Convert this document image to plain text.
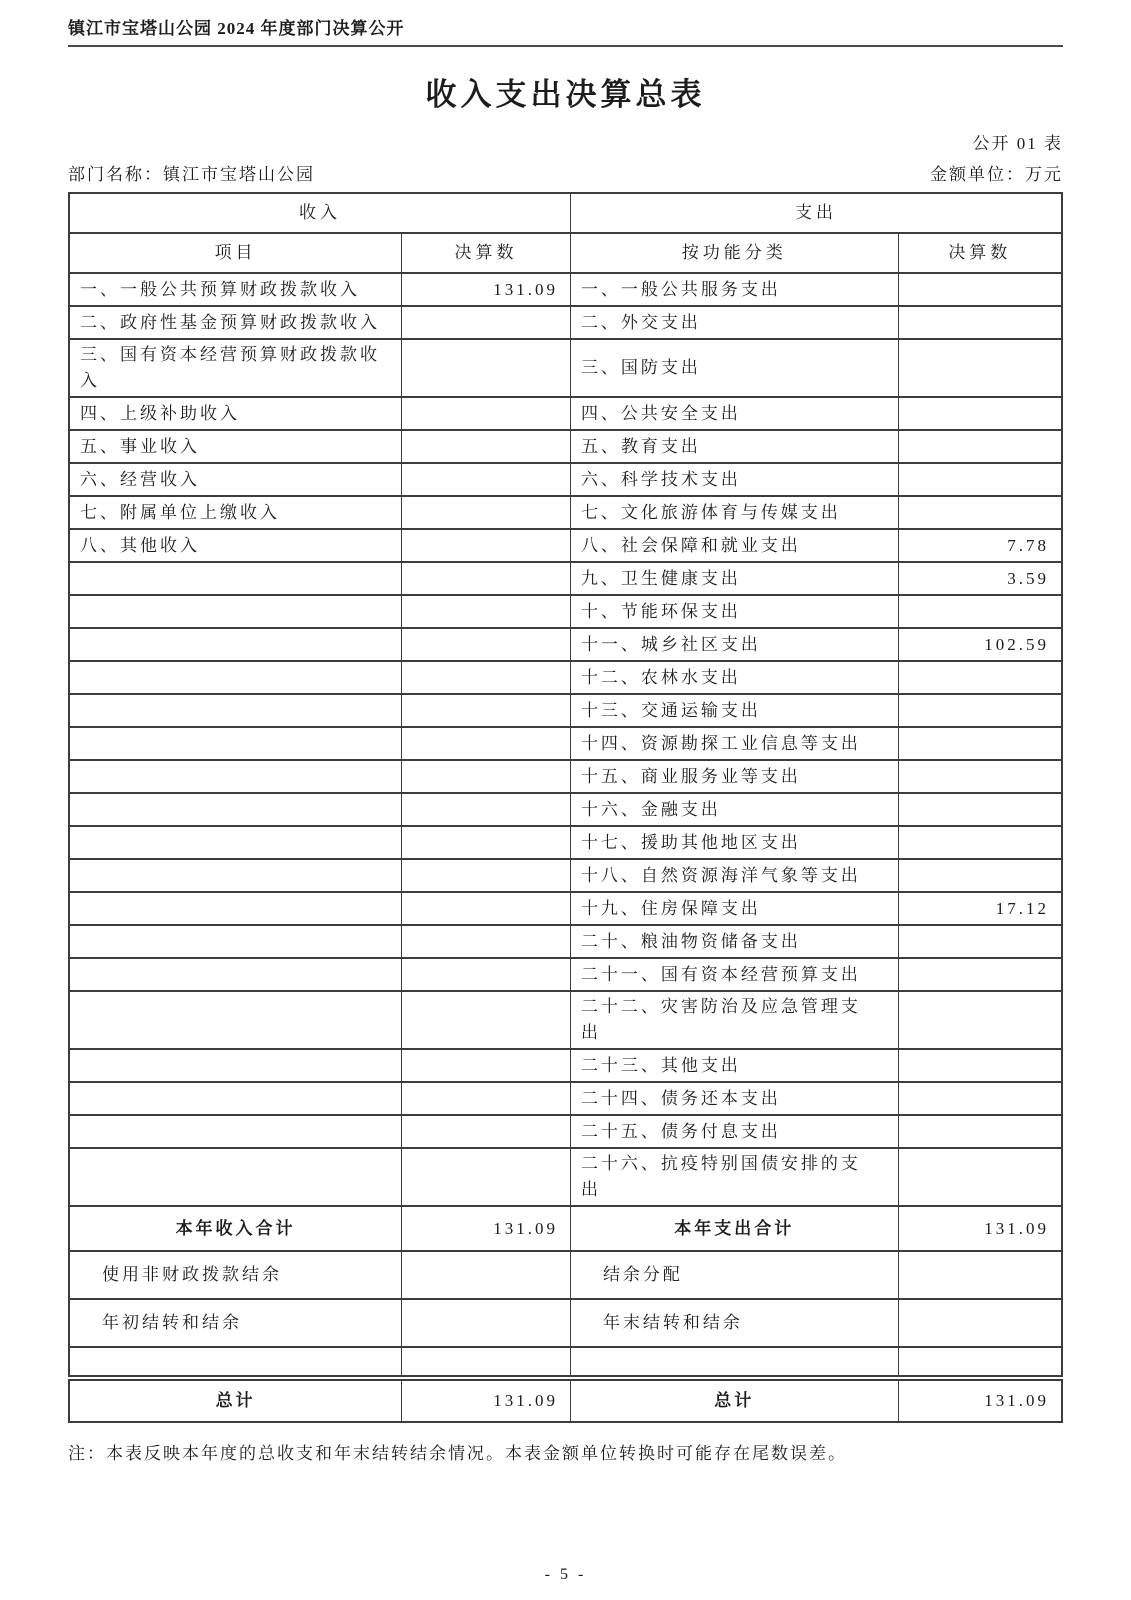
镇江市宝塔山公园 2024 年度部门决算公开
收入支出决算总表
公开 01 表
部门名称：镇江市宝塔山公园	金额单位：万元
收入		支出	
项目	决算数	按功能分类	决算数
一、一般公共预算财政拨款收入	131.09	一、一般公共服务支出	
二、政府性基金预算财政拨款收入		二、外交支出	
三、国有资本经营预算财政拨款收入		三、国防支出	
四、上级补助收入		四、公共安全支出	
五、事业收入		五、教育支出	
六、经营收入		六、科学技术支出	
七、附属单位上缴收入		七、文化旅游体育与传媒支出	
八、其他收入		八、社会保障和就业支出	7.78
		九、卫生健康支出	3.59
		十、节能环保支出	
		十一、城乡社区支出	102.59
		十二、农林水支出	
		十三、交通运输支出	
		十四、资源勘探工业信息等支出	
		十五、商业服务业等支出	
		十六、金融支出	
		十七、援助其他地区支出	
		十八、自然资源海洋气象等支出	
		十九、住房保障支出	17.12
		二十、粮油物资储备支出	
		二十一、国有资本经营预算支出	
		二十二、灾害防治及应急管理支出	
		二十三、其他支出	
		二十四、债务还本支出	
		二十五、债务付息支出	
		二十六、抗疫特别国债安排的支出	
本年收入合计	131.09	本年支出合计	131.09
使用非财政拨款结余		结余分配	
年初结转和结余		年末结转和结余	

总计	131.09	总计	131.09
注：本表反映本年度的总收支和年末结转结余情况。本表金额单位转换时可能存在尾数误差。
- 5 -
